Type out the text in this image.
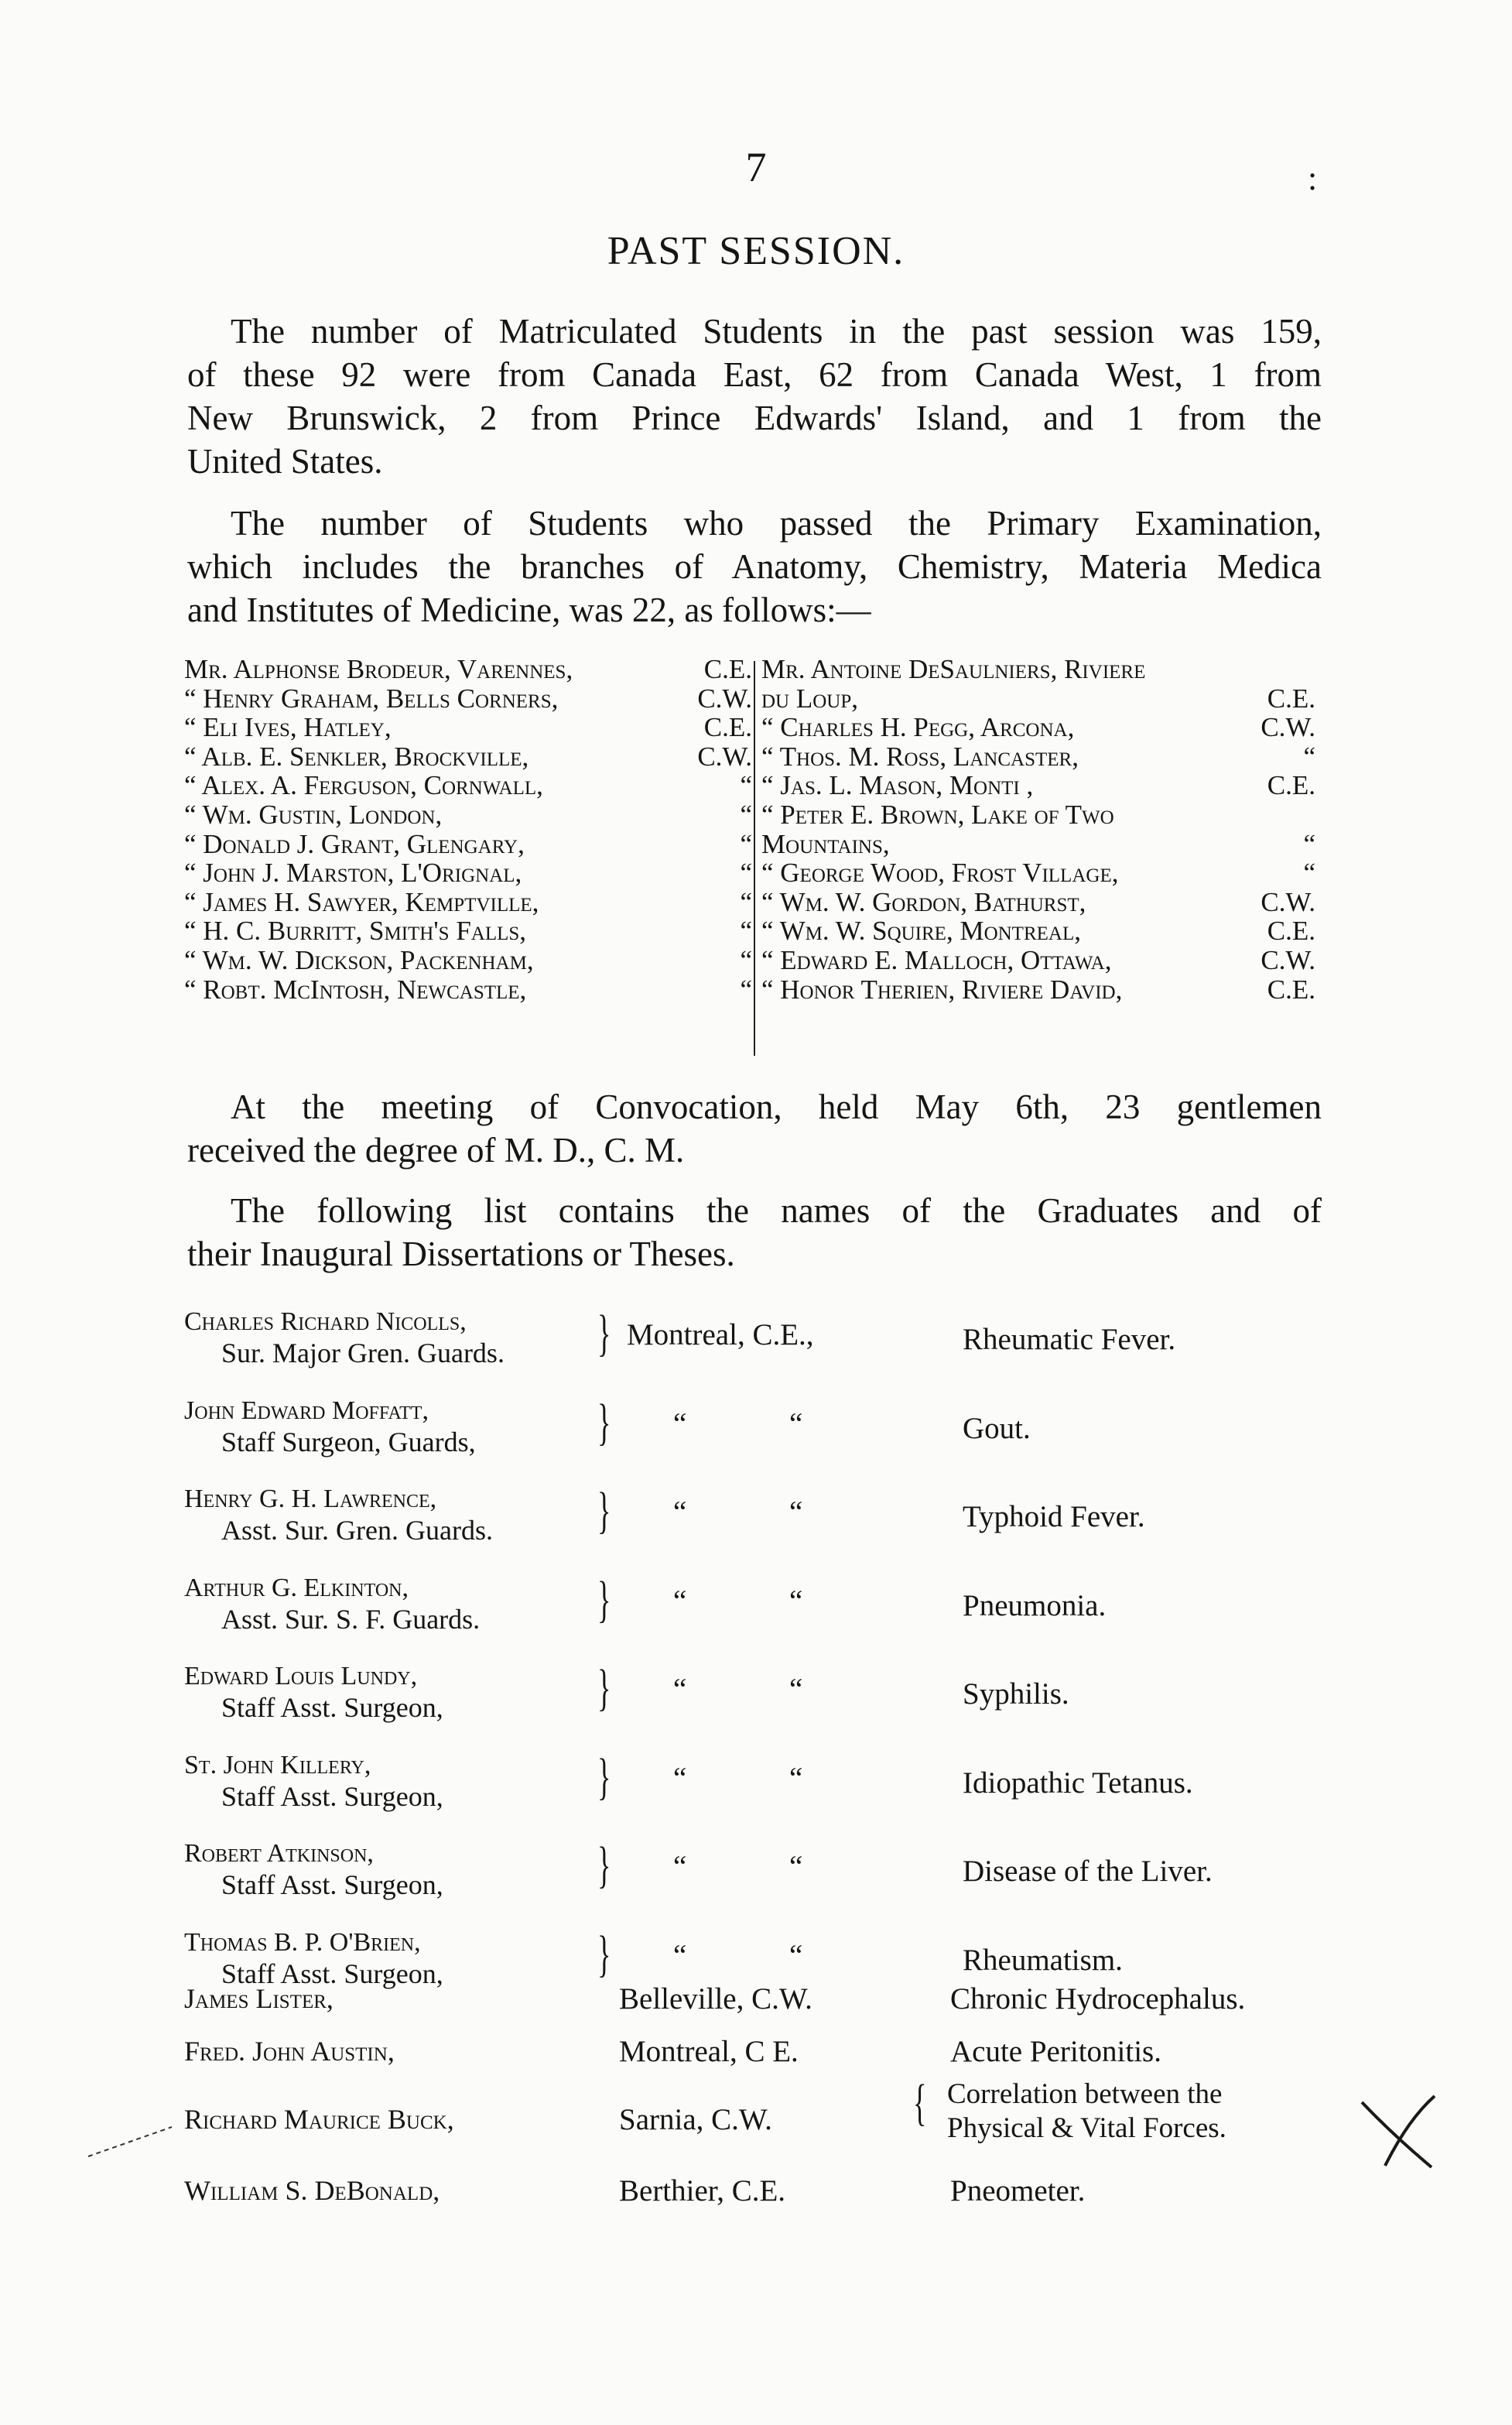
7	:
PAST SESSION.

The number of Matriculated Students in the past session was 159,
of these 92 were from Canada East, 62 from Canada West, 1 from
New Brunswick, 2 from Prince Edwards' Island, and 1 from the
United States.

The number of Students who passed the Primary Examination,
which includes the branches of Anatomy, Chemistry, Materia Medica
and Institutes of Medicine, was 22, as follows:—

Mr. Alphonse Brodeur, Varennes,	C.E.
“ Henry Graham, Bells Corners,	C.W.
“ Eli Ives, Hatley,	C.E.
“ Alb. E. Senkler, Brockville,	C.W.
“ Alex. A. Ferguson, Cornwall,	“
“ Wm. Gustin, London,	“
“ Donald J. Grant, Glengary,	“
“ John J. Marston, L'Orignal,	“
“ James H. Sawyer, Kemptville,	“
“ H. C. Burritt, Smith's Falls,	“
“ Wm. W. Dickson, Packenham,	“
“ Robt. McIntosh, Newcastle,	“
Mr. Antoine DeSaulniers, Riviere
du Loup,	C.E.
“ Charles H. Pegg, Arcona,	C.W.
“ Thos. M. Ross, Lancaster,	“
“ Jas. L. Mason, Monti ,	C.E.
“ Peter E. Brown, Lake of Two
Mountains,	“
“ George Wood, Frost Village,	“
“ Wm. W. Gordon, Bathurst,	C.W.
“ Wm. W. Squire, Montreal,	C.E.
“ Edward E. Malloch, Ottawa,	C.W.
“ Honor Therien, Riviere David,	C.E.

At the meeting of Convocation, held May 6th, 23 gentlemen
received the degree of M. D., C. M.

The following list contains the names of the Graduates and of
their Inaugural Dissertations or Theses.

Charles Richard Nicolls,
Sur. Major Gren. Guards. } Montreal, C.E.,	Rheumatic Fever.
John Edward Moffatt,
Staff Surgeon, Guards, } “	“	Gout.
Henry G. H. Lawrence,
Asst. Sur. Gren. Guards. } “	“	Typhoid Fever.
Arthur G. Elkinton,
Asst. Sur. S. F. Guards. } “	“	Pneumonia.
Edward Louis Lundy,
Staff Asst. Surgeon,	} “	“	Syphilis.
St. John Killery,
Staff Asst. Surgeon,	} “	“	Idiopathic Tetanus.
Robert Atkinson,
Staff Asst. Surgeon,	} “	“	Disease of the Liver.
Thomas B. P. O'Brien,
Staff Asst. Surgeon,	} “	“	Rheumatism.
James Lister,	Belleville, C.W.	Chronic Hydrocephalus.
Fred. John Austin,	Montreal, C E.	Acute Peritonitis.
Richard Maurice Buck,	Sarnia, C.W.	{ Correlation between the
Physical & Vital Forces.
William S. DeBonald,	Berthier, C.E.	Pneometer.
